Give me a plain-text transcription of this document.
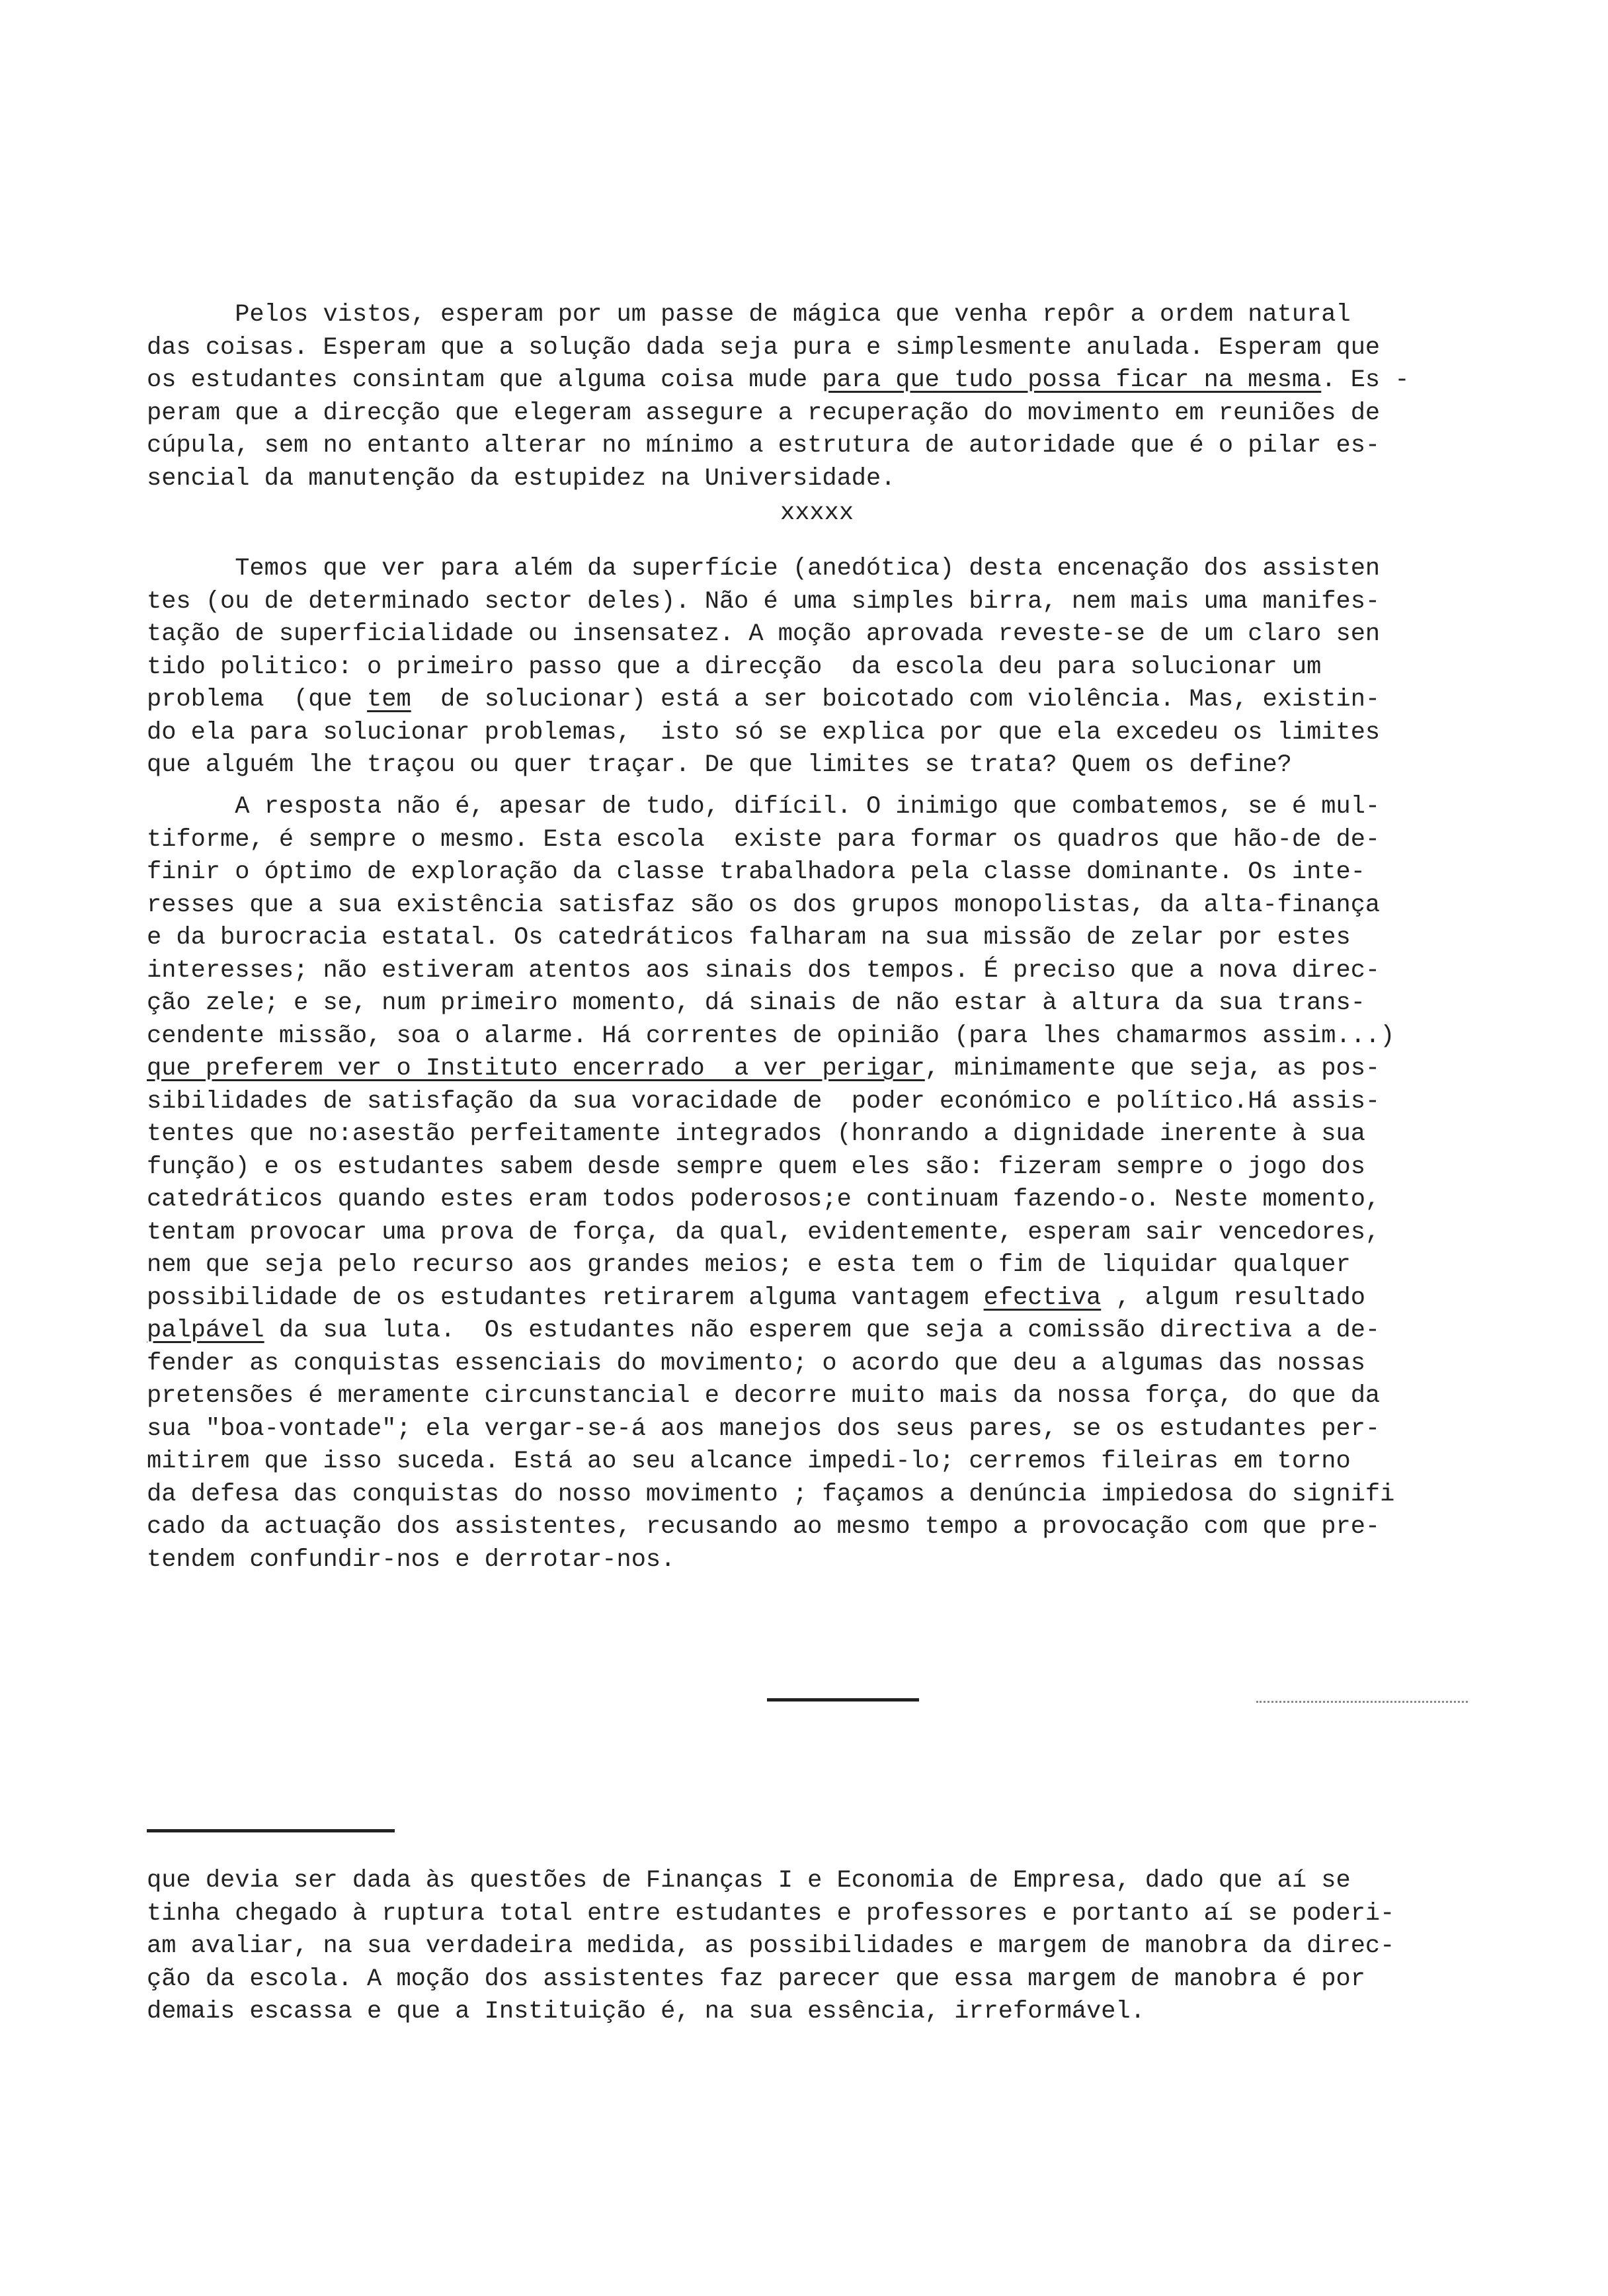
Pelos vistos, esperam por um passe de mágica que venha repôr a ordem natural
das coisas. Esperam que a solução dada seja pura e simplesmente anulada. Esperam que
os estudantes consintam que alguma coisa mude para que tudo possa ficar na mesma. Es -
peram que a direcção que elegeram assegure a recuperação do movimento em reuniões de
cúpula, sem no entanto alterar no mínimo a estrutura de autoridade que é o pilar es-
sencial da manutenção da estupidez na Universidade.
xxxxx
Temos que ver para além da superfície (anedótica) desta encenação dos assisten
tes (ou de determinado sector deles). Não é uma simples birra, nem mais uma manifes-
tação de superficialidade ou insensatez. A moção aprovada reveste-se de um claro sen
tido politico: o primeiro passo que a direcção  da escola deu para solucionar um
problema  (que tem  de solucionar) está a ser boicotado com violência. Mas, existin-
do ela para solucionar problemas,  isto só se explica por que ela excedeu os limites
que alguém lhe traçou ou quer traçar. De que limites se trata? Quem os define?
A resposta não é, apesar de tudo, difícil. O inimigo que combatemos, se é mul-
tiforme, é sempre o mesmo. Esta escola  existe para formar os quadros que hão-de de-
finir o óptimo de exploração da classe trabalhadora pela classe dominante. Os inte-
resses que a sua existência satisfaz são os dos grupos monopolistas, da alta-finança
e da burocracia estatal. Os catedráticos falharam na sua missão de zelar por estes
interesses; não estiveram atentos aos sinais dos tempos. É preciso que a nova direc-
ção zele; e se, num primeiro momento, dá sinais de não estar à altura da sua trans-
cendente missão, soa o alarme. Há correntes de opinião (para lhes chamarmos assim...)
que preferem ver o Instituto encerrado  a ver perigar, minimamente que seja, as pos-
sibilidades de satisfação da sua voracidade de  poder económico e político.Há assis-
tentes que no:asestão perfeitamente integrados (honrando a dignidade inerente à sua
função) e os estudantes sabem desde sempre quem eles são: fizeram sempre o jogo dos
catedráticos quando estes eram todos poderosos;e continuam fazendo-o. Neste momento,
tentam provocar uma prova de força, da qual, evidentemente, esperam sair vencedores,
nem que seja pelo recurso aos grandes meios; e esta tem o fim de liquidar qualquer
possibilidade de os estudantes retirarem alguma vantagem efectiva , algum resultado
palpável da sua luta.  Os estudantes não esperem que seja a comissão directiva a de-
fender as conquistas essenciais do movimento; o acordo que deu a algumas das nossas
pretensões é meramente circunstancial e decorre muito mais da nossa força, do que da
sua "boa-vontade"; ela vergar-se-á aos manejos dos seus pares, se os estudantes per-
mitirem que isso suceda. Está ao seu alcance impedi-lo; cerremos fileiras em torno
da defesa das conquistas do nosso movimento ; façamos a denúncia impiedosa do signifi
cado da actuação dos assistentes, recusando ao mesmo tempo a provocação com que pre-
tendem confundir-nos e derrotar-nos.
que devia ser dada às questões de Finanças I e Economia de Empresa, dado que aí se
tinha chegado à ruptura total entre estudantes e professores e portanto aí se poderi-
am avaliar, na sua verdadeira medida, as possibilidades e margem de manobra da direc-
ção da escola. A moção dos assistentes faz parecer que essa margem de manobra é por
demais escassa e que a Instituição é, na sua essência, irreformável.
